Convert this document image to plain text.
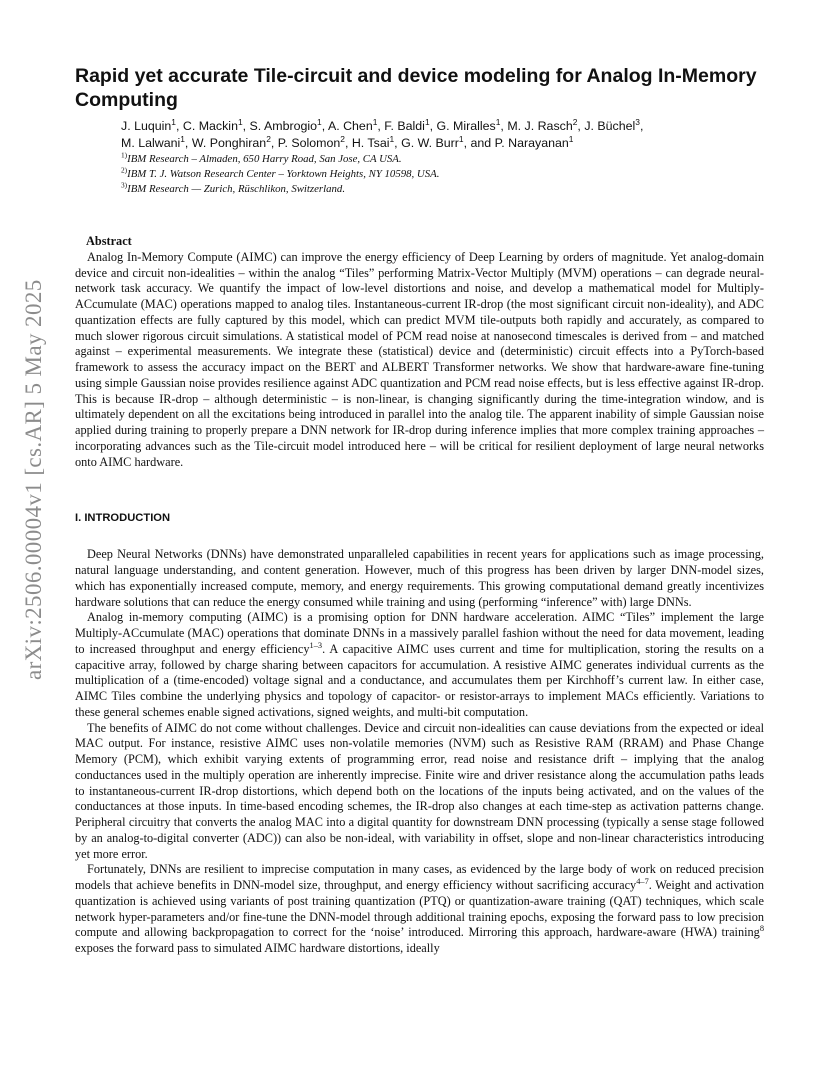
arXiv:2506.00004v1 [cs.AR] 5 May 2025
Rapid yet accurate Tile-circuit and device modeling for Analog In-Memory Computing
J. Luquin$^1$, C. Mackin$^1$, S. Ambrogio$^1$, A. Chen$^1$, F. Baldi$^1$, G. Miralles$^1$, M. J. Rasch$^2$, J. Büchel$^3$,
M. Lalwani$^1$, W. Ponghiran$^2$, P. Solomon$^2$, H. Tsai$^1$, G. W. Burr$^1$, and P. Narayanan$^1$
$^{1)}$IBM Research – Almaden, 650 Harry Road, San Jose, CA USA.
$^{2)}$IBM T. J. Watson Research Center – Yorktown Heights, NY 10598, USA.
$^{3)}$IBM Research — Zurich, Rüschlikon, Switzerland.
Abstract

Analog In-Memory Compute (AIMC) can improve the energy efficiency of Deep Learning by orders of magnitude. Yet analog-domain device and circuit non-idealities – within the analog “Tiles” performing Matrix-Vector Multiply (MVM) operations – can degrade neural-network task accuracy. We quantify the impact of low-level distortions and noise, and develop a mathematical model for Multiply-ACcumulate (MAC) operations mapped to analog tiles. Instantaneous-current IR-drop (the most significant circuit non-ideality), and ADC quantization effects are fully captured by this model, which can predict MVM tile-outputs both rapidly and accurately, as compared to much slower rigorous circuit simulations. A statistical model of PCM read noise at nanosecond timescales is derived from – and matched against – experimental measurements. We integrate these (statistical) device and (deterministic) circuit effects into a PyTorch-based framework to assess the accuracy impact on the BERT and ALBERT Transformer networks. We show that hardware-aware fine-tuning using simple Gaussian noise provides resilience against ADC quantization and PCM read noise effects, but is less effective against IR-drop. This is because IR-drop – although deterministic – is non-linear, is changing significantly during the time-integration window, and is ultimately dependent on all the excitations being introduced in parallel into the analog tile. The apparent inability of simple Gaussian noise applied during training to properly prepare a DNN network for IR-drop during inference implies that more complex training approaches – incorporating advances such as the Tile-circuit model introduced here – will be critical for resilient deployment of large neural networks onto AIMC hardware.

I. INTRODUCTION

Deep Neural Networks (DNNs) have demonstrated unparalleled capabilities in recent years for applications such as image processing, natural language understanding, and content generation. However, much of this progress has been driven by larger DNN-model sizes, which has exponentially increased compute, memory, and energy requirements. This growing computational demand greatly incentivizes hardware solutions that can reduce the energy consumed while training and using (performing “inference” with) large DNNs.

Analog in-memory computing (AIMC) is a promising option for DNN hardware acceleration. AIMC “Tiles” implement the large Multiply-ACcumulate (MAC) operations that dominate DNNs in a massively parallel fashion without the need for data movement, leading to increased throughput and energy efficiency$^{1-3}$. A capacitive AIMC uses current and time for multiplication, storing the results on a capacitive array, followed by charge sharing between capacitors for accumulation. A resistive AIMC generates individual currents as the multiplication of a (time-encoded) voltage signal and a conductance, and accumulates them per Kirchhoff’s current law. In either case, AIMC Tiles combine the underlying physics and topology of capacitor- or resistor-arrays to implement MACs efficiently. Variations to these general schemes enable signed activations, signed weights, and multi-bit computation.

The benefits of AIMC do not come without challenges. Device and circuit non-idealities can cause deviations from the expected or ideal MAC output. For instance, resistive AIMC uses non-volatile memories (NVM) such as Resistive RAM (RRAM) and Phase Change Memory (PCM), which exhibit varying extents of programming error, read noise and resistance drift – implying that the analog conductances used in the multiply operation are inherently imprecise. Finite wire and driver resistance along the accumulation paths leads to instantaneous-current IR-drop distortions, which depend both on the locations of the inputs being activated, and on the values of the conductances at those inputs. In time-based encoding schemes, the IR-drop also changes at each time-step as activation patterns change. Peripheral circuitry that converts the analog MAC into a digital quantity for downstream DNN processing (typically a sense stage followed by an analog-to-digital converter (ADC)) can also be non-ideal, with variability in offset, slope and non-linear characteristics introducing yet more error.

Fortunately, DNNs are resilient to imprecise computation in many cases, as evidenced by the large body of work on reduced precision models that achieve benefits in DNN-model size, throughput, and energy efficiency without sacrificing accuracy$^{4-7}$. Weight and activation quantization is achieved using variants of post training quantization (PTQ) or quantization-aware training (QAT) techniques, which scale network hyper-parameters and/or fine-tune the DNN-model through additional training epochs, exposing the forward pass to low precision compute and allowing backpropagation to correct for the ‘noise’ introduced. Mirroring this approach, hardware-aware (HWA) training$^8$ exposes the forward pass to simulated AIMC hardware distortions, ideally
